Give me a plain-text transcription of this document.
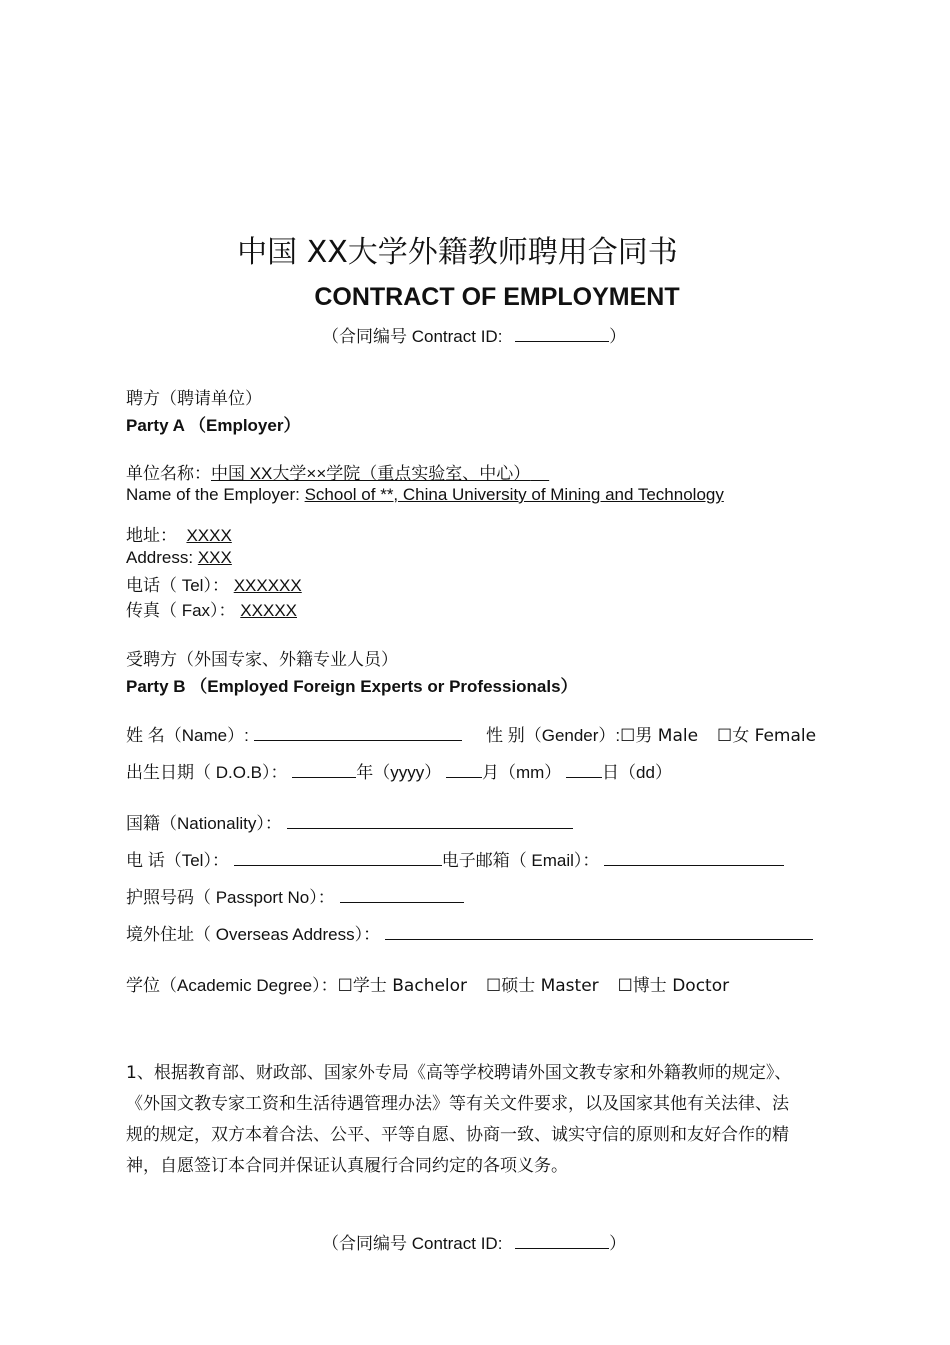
中国 XX大学外籍教师聘用合同书
CONTRACT OF EMPLOYMENT
（合同编号 Contract ID:	）
聘方（聘请单位）
Party A （Employer）
单位名称：中国 XX大学××学院（重点实验室、中心）
Name of the Employer: School of **, China University of Mining and Technology
地址： XXXX
Address: XXX
电话（ Tel）： XXXXXX
传真（ Fax）： XXXXX
受聘方（外国专家、外籍专业人员）
Party B （Employed Foreign Experts or Professionals）
姓 名（Name）:	性 别（Gender）:☐男 Male ☐女 Female
出生日期（ D.O.B）：	年（yyyy） 月（mm） 日（dd）
国籍（Nationality）：
电 话（Tel）：	电子邮箱（ Email）：
护照号码（ Passport No）：
境外住址（ Overseas Address）：
学位（Academic Degree）：☐学士 Bachelor ☐硕士 Master ☐博士 Doctor
1、根据教育部、财政部、国家外专局《高等学校聘请外国文教专家和外籍教师的规定》、《外国文教专家工资和生活待遇管理办法》等有关文件要求，以及国家其他有关法律、法规的规定，双方本着合法、公平、平等自愿、协商一致、诚实守信的原则和友好合作的精神，自愿签订本合同并保证认真履行合同约定的各项义务。
（合同编号 Contract ID:	）
